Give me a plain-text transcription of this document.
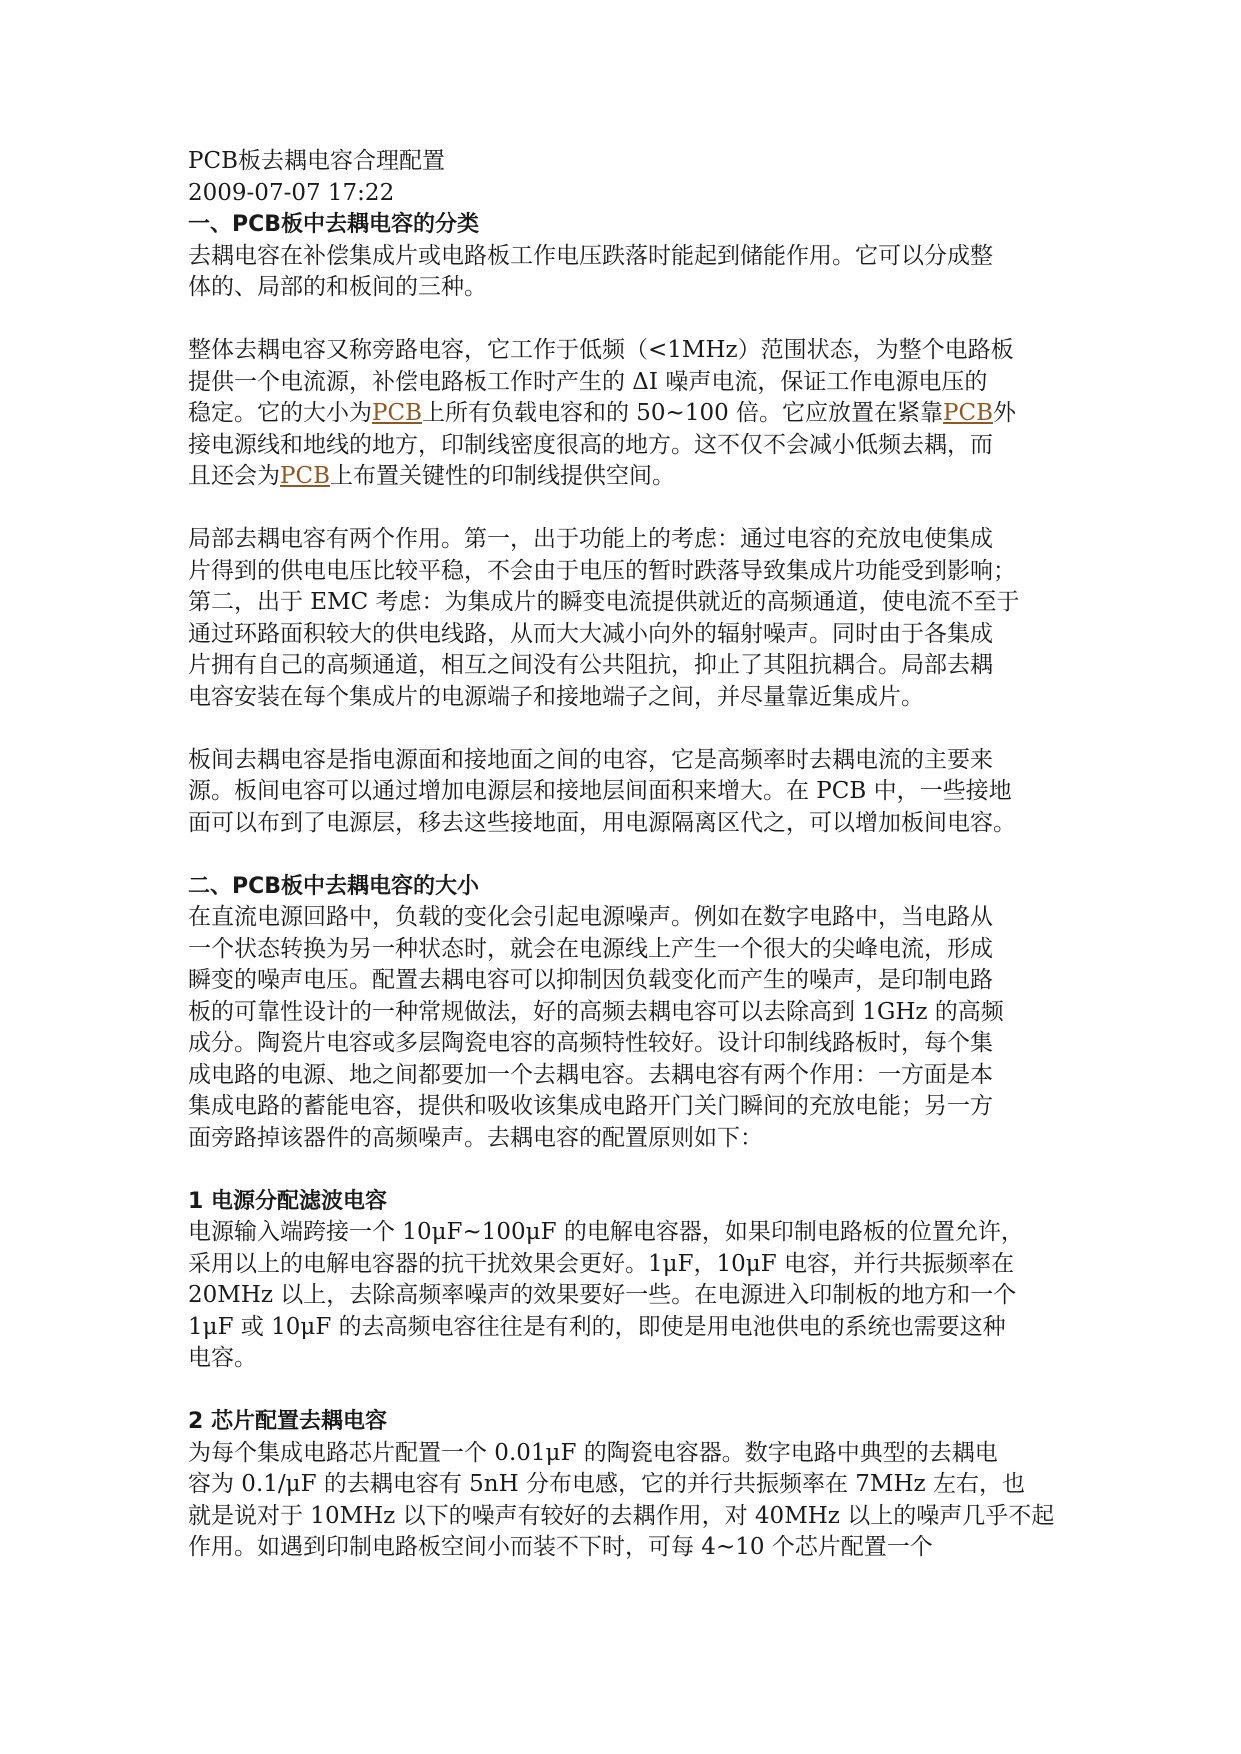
PCB板去耦电容合理配置

2009-07-07 17:22

一、PCB板中去耦电容的分类

去耦电容在补偿集成片或电路板工作电压跌落时能起到储能作用。它可以分成整

体的、局部的和板间的三种。

整体去耦电容又称旁路电容，它工作于低频（<1MHz）范围状态，为整个电路板

提供一个电流源，补偿电路板工作时产生的 ΔI 噪声电流，保证工作电源电压的

稳定。它的大小为PCB上所有负载电容和的 50~100 倍。它应放置在紧靠PCB外

接电源线和地线的地方，印制线密度很高的地方。这不仅不会减小低频去耦，而

且还会为PCB上布置关键性的印制线提供空间。

局部去耦电容有两个作用。第一，出于功能上的考虑：通过电容的充放电使集成

片得到的供电电压比较平稳，不会由于电压的暂时跌落导致集成片功能受到影响；

第二，出于 EMC 考虑：为集成片的瞬变电流提供就近的高频通道，使电流不至于

通过环路面积较大的供电线路，从而大大减小向外的辐射噪声。同时由于各集成

片拥有自己的高频通道，相互之间没有公共阻抗，抑止了其阻抗耦合。局部去耦

电容安装在每个集成片的电源端子和接地端子之间，并尽量靠近集成片。

板间去耦电容是指电源面和接地面之间的电容，它是高频率时去耦电流的主要来

源。板间电容可以通过增加电源层和接地层间面积来增大。在 PCB 中，一些接地

面可以布到了电源层，移去这些接地面，用电源隔离区代之，可以增加板间电容。

二、PCB板中去耦电容的大小

在直流电源回路中，负载的变化会引起电源噪声。例如在数字电路中，当电路从

一个状态转换为另一种状态时，就会在电源线上产生一个很大的尖峰电流，形成

瞬变的噪声电压。配置去耦电容可以抑制因负载变化而产生的噪声，是印制电路

板的可靠性设计的一种常规做法，好的高频去耦电容可以去除高到 1GHz 的高频

成分。陶瓷片电容或多层陶瓷电容的高频特性较好。设计印制线路板时，每个集

成电路的电源、地之间都要加一个去耦电容。去耦电容有两个作用：一方面是本

集成电路的蓄能电容，提供和吸收该集成电路开门关门瞬间的充放电能；另一方

面旁路掉该器件的高频噪声。去耦电容的配置原则如下：

1 电源分配滤波电容

电源输入端跨接一个 10μF~100μF 的电解电容器，如果印制电路板的位置允许，

采用以上的电解电容器的抗干扰效果会更好。1μF，10μF 电容，并行共振频率在

20MHz 以上，去除高频率噪声的效果要好一些。在电源进入印制板的地方和一个

1μF 或 10μF 的去高频电容往往是有利的，即使是用电池供电的系统也需要这种

电容。

2 芯片配置去耦电容

为每个集成电路芯片配置一个 0.01μF 的陶瓷电容器。数字电路中典型的去耦电

容为 0.1/μF 的去耦电容有 5nH 分布电感，它的并行共振频率在 7MHz 左右，也

就是说对于 10MHz 以下的噪声有较好的去耦作用，对 40MHz 以上的噪声几乎不起

作用。如遇到印制电路板空间小而装不下时，可每 4~10 个芯片配置一个
